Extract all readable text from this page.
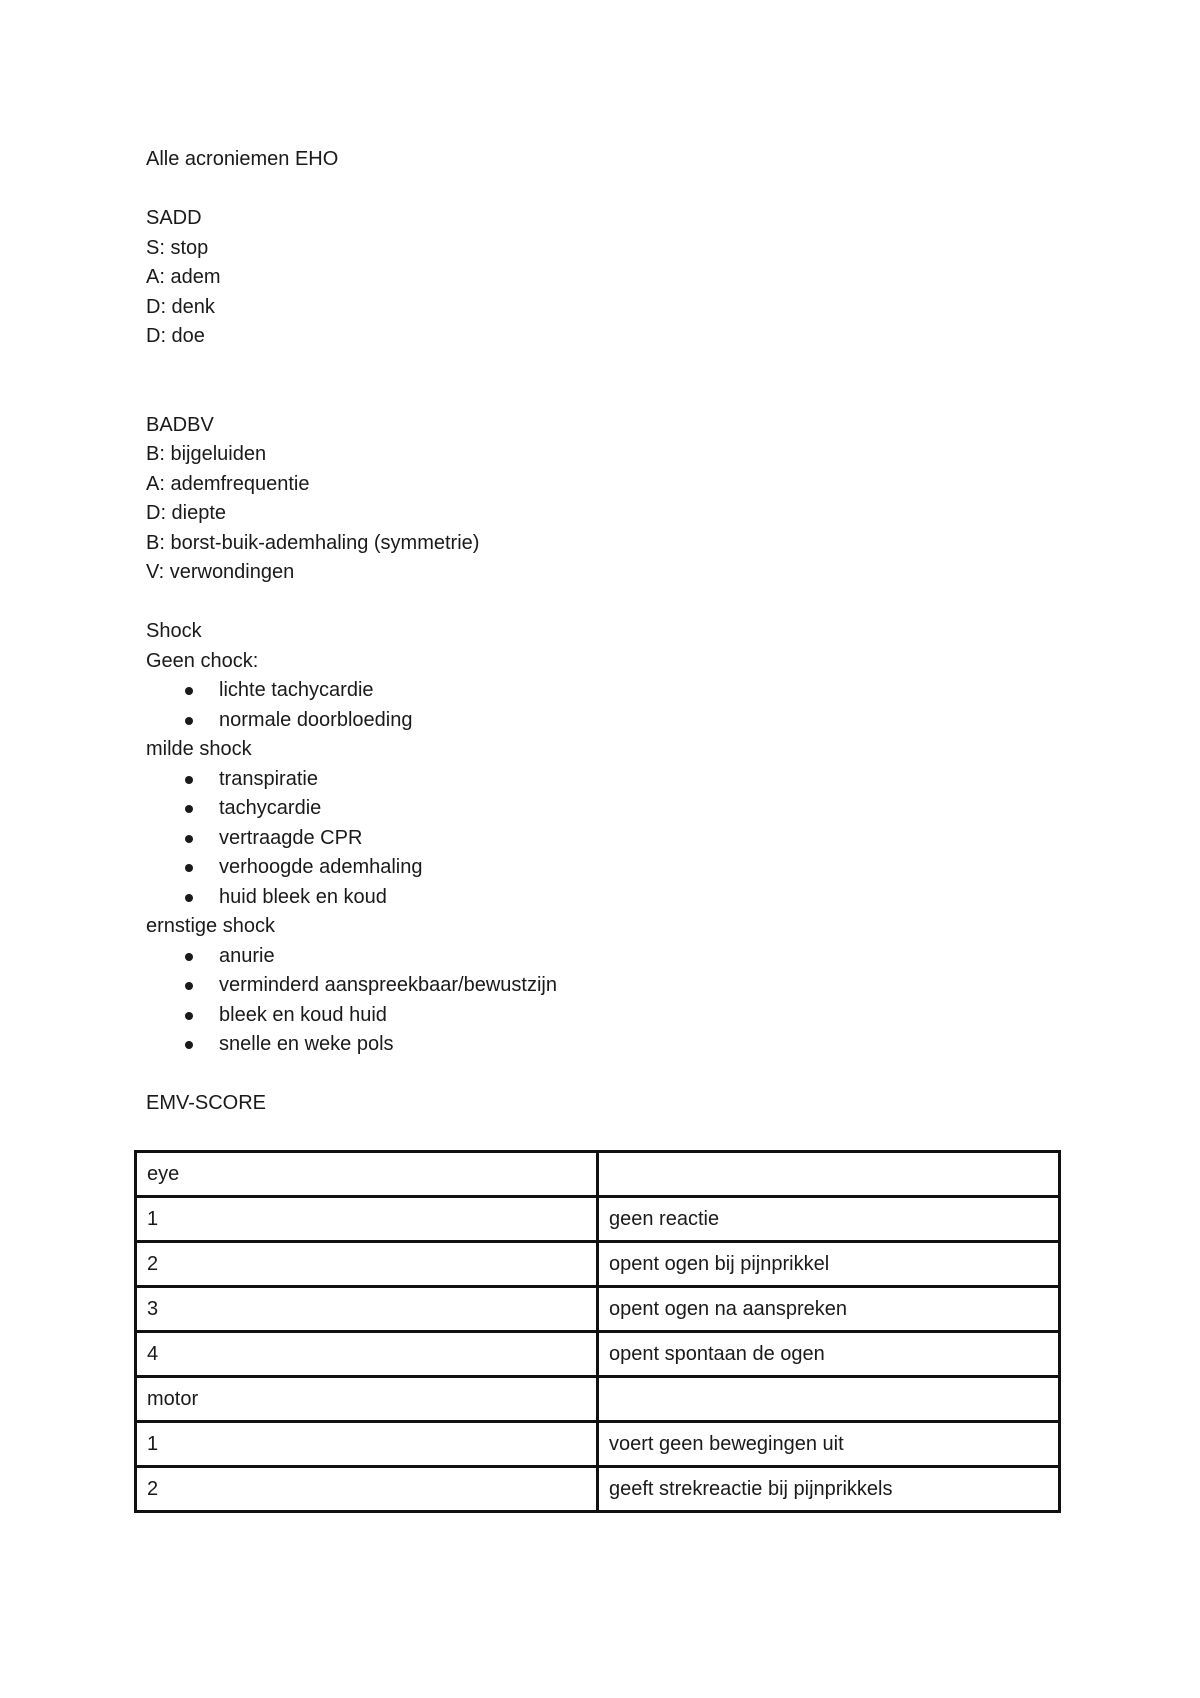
Alle acroniemen EHO
SADD
S: stop
A: adem
D: denk
D: doe
BADBV
B: bijgeluiden
A: ademfrequentie
D: diepte
B: borst-buik-ademhaling (symmetrie)
V: verwondingen
Shock
Geen chock:
lichte tachycardie
normale doorbloeding
milde shock
transpiratie
tachycardie
vertraagde CPR
verhoogde ademhaling
huid bleek en koud
ernstige shock
anurie
verminderd aanspreekbaar/bewustzijn
bleek en koud huid
snelle en weke pols
EMV-SCORE
eye	
1	geen reactie
2	opent ogen bij pijnprikkel
3	opent ogen na aanspreken
4	opent spontaan de ogen
motor	
1	voert geen bewegingen uit
2	geeft strekreactie bij pijnprikkels
